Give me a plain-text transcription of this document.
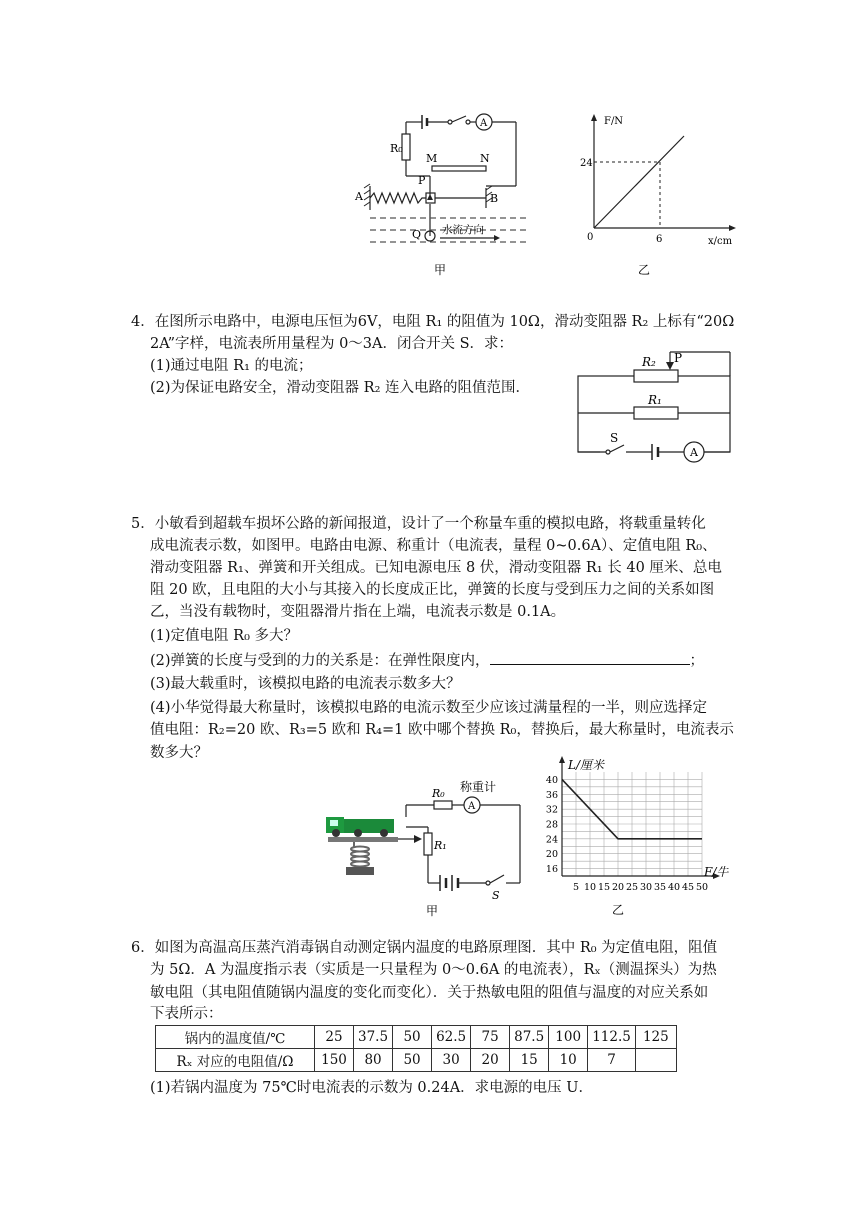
R₀
M	N
P
A	B
Q 水流方向
A
甲
F/N
x/cm
24
6
0
乙
4．在图所示电路中，电源电压恒为6V，电阻 R₁ 的阻值为 10Ω，滑动变阻器 R₂ 上标有“20Ω
2A”字样，电流表所用量程为 0～3A．闭合开关 S．求：
(1)通过电阻 R₁ 的电流；
(2)为保证电路安全，滑动变阻器 R₂ 连入电路的阻值范围．
R₂ P
R₁
S
A
5．小敏看到超载车损坏公路的新闻报道，设计了一个称量车重的模拟电路，将载重量转化
成电流表示数，如图甲。电路由电源、称重计（电流表，量程 0~0.6A）、定值电阻 R₀、
滑动变阻器 R₁、弹簧和开关组成。已知电源电压 8 伏，滑动变阻器 R₁ 长 40 厘米、总电
阻 20 欧，且电阻的大小与其接入的长度成正比，弹簧的长度与受到压力之间的关系如图
乙，当没有载物时，变阻器滑片指在上端，电流表示数是 0.1A。
(1)定值电阻 R₀ 多大？
(2)弹簧的长度与受到的力的关系是：在弹性限度内，	；
(3)最大载重时，该模拟电路的电流表示数多大？
(4)小华觉得最大称量时，该模拟电路的电流示数至少应该过满量程的一半，则应选择定
值电阻：R₂=20 欧、R₃=5 欧和 R₄=1 欧中哪个替换 R₀，替换后，最大称量时，电流表示
数多大？
称重计
R₀
A
R₁
S
甲
5 10 15 20 25 30 35 40 45 50
16
20
24
28
32
36
40
L/厘米
F/牛
乙
6．如图为高温高压蒸汽消毒锅自动测定锅内温度的电路原理图．其中 R₀ 为定值电阻，阻值
为 5Ω．A 为温度指示表（实质是一只量程为 0～0.6A 的电流表），Rₓ（测温探头）为热
敏电阻（其电阻值随锅内温度的变化而变化）．关于热敏电阻的阻值与温度的对应关系如
下表所示：
锅内的温度值/℃	25	37.5	50	62.5	75	87.5	100	112.5	125
Rₓ 对应的电阻值/Ω	150	80	50	30	20	15	10	7	
(1)若锅内温度为 75℃时电流表的示数为 0.24A．求电源的电压 U．
